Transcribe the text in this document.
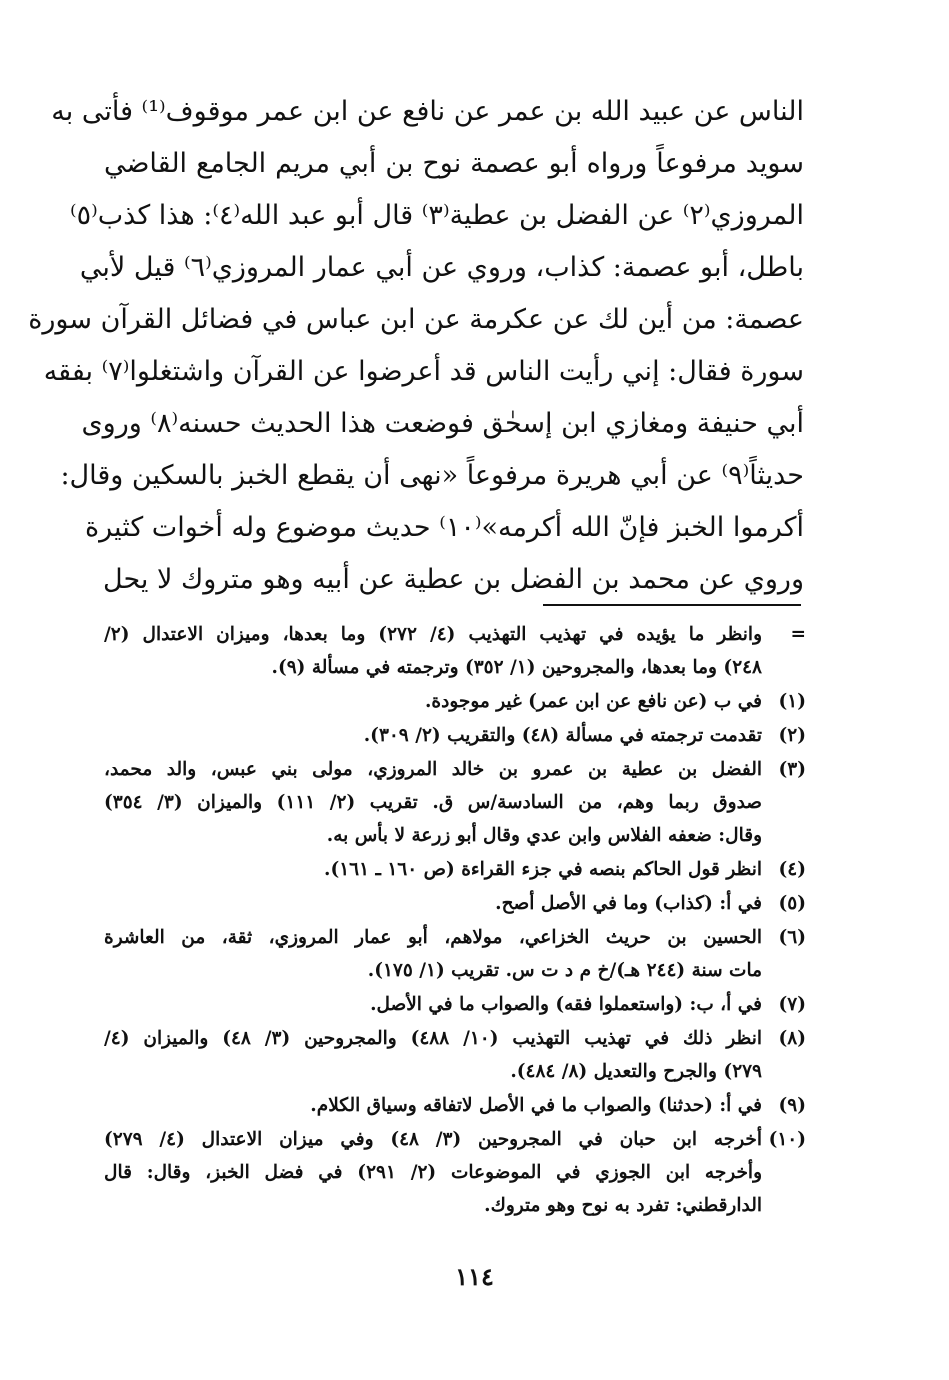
الناس عن عبيد الله بن عمر عن نافع عن ابن عمر موقوف⁽¹⁾ فأتى به
سويد مرفوعاً ورواه أبو عصمة نوح بن أبي مريم الجامع القاضي
المروزي⁽٢⁾ عن الفضل بن عطية⁽٣⁾ قال أبو عبد الله⁽٤⁾: هذا كذب⁽٥⁾
باطل، أبو عصمة: كذاب، وروي عن أبي عمار المروزي⁽٦⁾ قيل لأبي
عصمة: من أين لك عن عكرمة عن ابن عباس في فضائل القرآن سورة
سورة فقال: إني رأيت الناس قد أعرضوا عن القرآن واشتغلوا⁽٧⁾ بفقه
أبي حنيفة ومغازي ابن إسحٰق فوضعت هذا الحديث حسنه⁽٨⁾ وروى
حديثاً⁽٩⁾ عن أبي هريرة مرفوعاً «نهى أن يقطع الخبز بالسكين وقال:
أكرموا الخبز فإنّ الله أكرمه»⁽١٠⁾ حديث موضوع وله أخوات كثيرة
وروي عن محمد بن الفضل بن عطية عن أبيه وهو متروك لا يحل
=
وانظر ما يؤيده في تهذيب التهذيب (٤/ ٢٧٢) وما بعدها، وميزان الاعتدال (٢/
٢٤٨) وما بعدها، والمجروحين (١/ ٣٥٢) وترجمته في مسألة (٩).
(١)
في ب (عن نافع عن ابن عمر) غير موجودة.
(٢)
تقدمت ترجمته في مسألة (٤٨) والتقريب (٢/ ٣٠٩).
(٣)
الفضل بن عطية بن عمرو بن خالد المروزي، مولى بني عبس، والد محمد،
صدوق ربما وهم، من السادسة/س ق. تقريب (٢/ ١١١) والميزان (٣/ ٣٥٤)
وقال: ضعفه الفلاس وابن عدي وقال أبو زرعة لا بأس به.
(٤)
انظر قول الحاكم بنصه في جزء القراءة (ص ١٦٠ ـ ١٦١).
(٥)
في أ: (كذاب) وما في الأصل أصح.
(٦)
الحسين بن حريث الخزاعي، مولاهم، أبو عمار المروزي، ثقة، من العاشرة
مات سنة (٢٤٤ هـ)/خ م د ت س. تقريب (١/ ١٧٥).
(٧)
في أ، ب: (واستعملوا فقه) والصواب ما في الأصل.
(٨)
انظر ذلك في تهذيب التهذيب (١٠/ ٤٨٨) والمجروحين (٣/ ٤٨) والميزان (٤/
٢٧٩) والجرح والتعديل (٨/ ٤٨٤).
(٩)
في أ: (حدثنا) والصواب ما في الأصل لاتفاقه وسياق الكلام.
(١٠)
أخرجه ابن حبان في المجروحين (٣/ ٤٨) وفي ميزان الاعتدال (٤/ ٢٧٩)
وأخرجه ابن الجوزي في الموضوعات (٢/ ٢٩١) في فضل الخبز، وقال: قال
الدارقطني: تفرد به نوح وهو متروك.
١١٤
